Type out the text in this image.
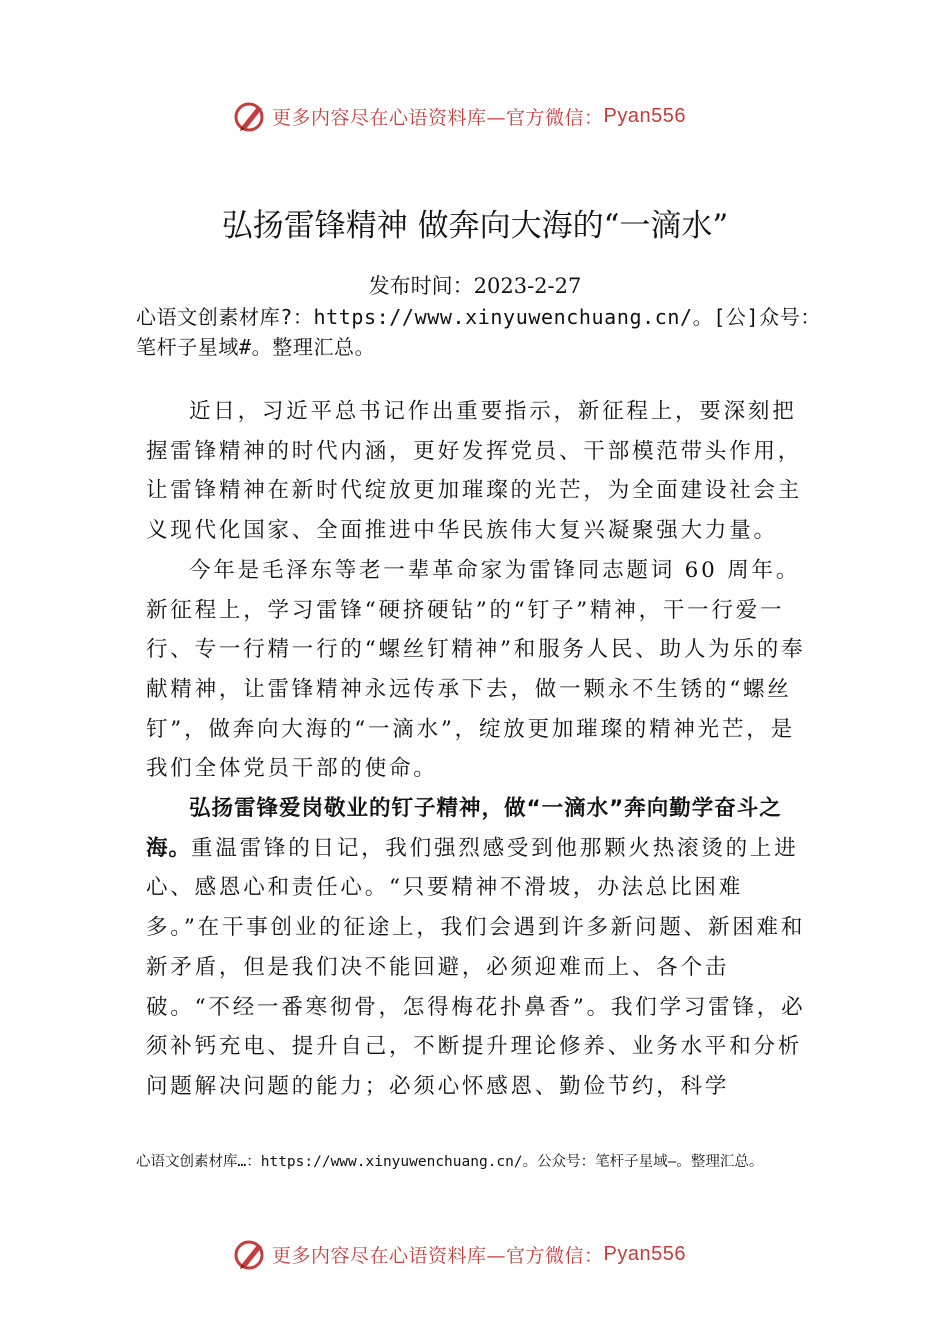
更多内容尽在心语资料库—官方微信： Pyan556
弘扬雷锋精神 做奔向大海的“一滴水”
发布时间：2023-2-27
心语文创素材库?：https://www.xinyuwenchuang.cn/。[公]众号：笔杆子星域#。整理汇总。

近日，习近平总书记作出重要指示，新征程上，要深刻把握雷锋精神的时代内涵，更好发挥党员、干部模范带头作用，让雷锋精神在新时代绽放更加璀璨的光芒，为全面建设社会主义现代化国家、全面推进中华民族伟大复兴凝聚强大力量。

今年是毛泽东等老一辈革命家为雷锋同志题词 60 周年。新征程上，学习雷锋“硬挤硬钻”的“钉子”精神，干一行爱一行、专一行精一行的“螺丝钉精神”和服务人民、助人为乐的奉献精神，让雷锋精神永远传承下去，做一颗永不生锈的“螺丝钉”，做奔向大海的“一滴水”，绽放更加璀璨的精神光芒，是我们全体党员干部的使命。

弘扬雷锋爱岗敬业的钉子精神，做“一滴水”奔向勤学奋斗之海。重温雷锋的日记，我们强烈感受到他那颗火热滚烫的上进心、感恩心和责任心。“只要精神不滑坡，办法总比困难多。”在干事创业的征途上，我们会遇到许多新问题、新困难和新矛盾，但是我们决不能回避，必须迎难而上、各个击破。“不经一番寒彻骨，怎得梅花扑鼻香”。我们学习雷锋，必须补钙充电、提升自己，不断提升理论修养、业务水平和分析问题解决问题的能力；必须心怀感恩、勤俭节约，科学

心语文创素材库…：https://www.xinyuwenchuang.cn/。公众号：笔杆子星域—。整理汇总。
更多内容尽在心语资料库—官方微信： Pyan556
